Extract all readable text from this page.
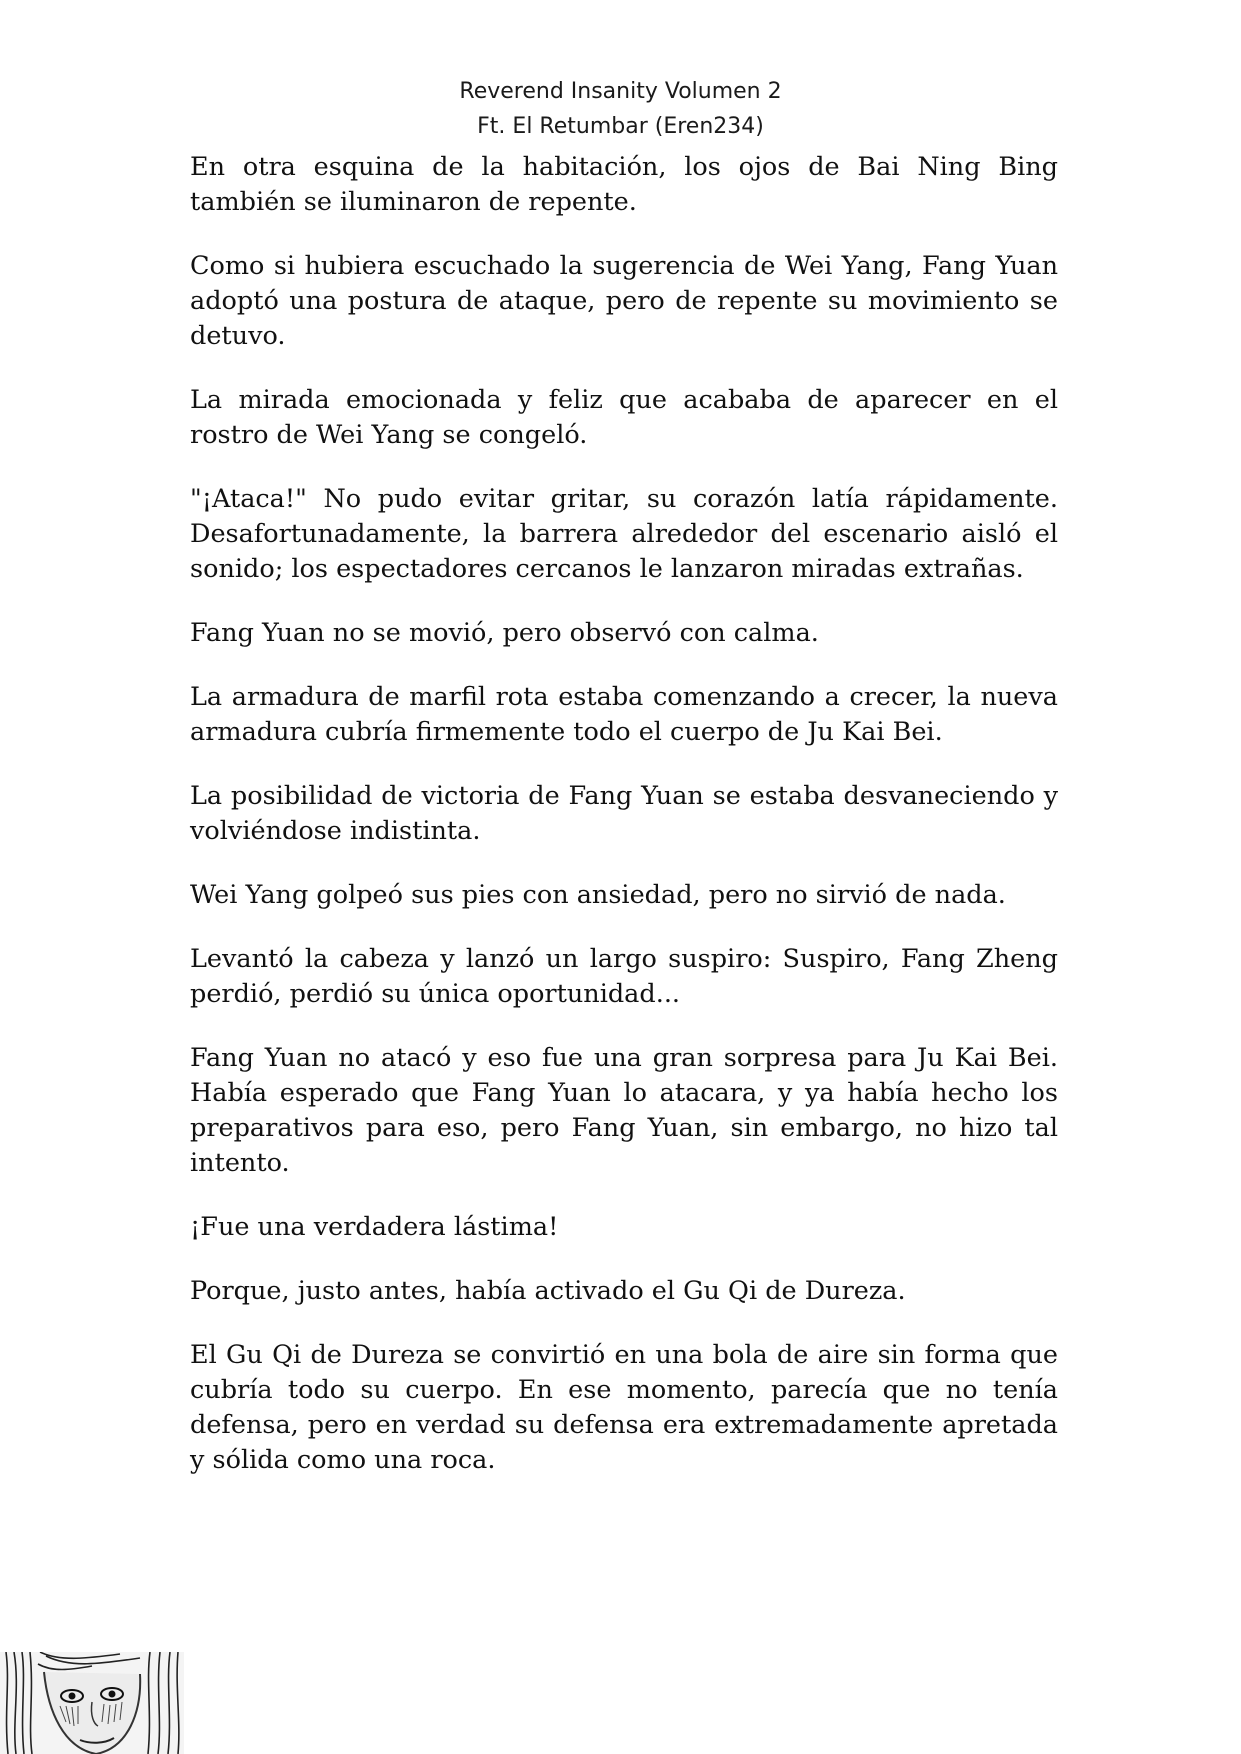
Reverend Insanity Volumen 2
Ft. El Retumbar (Eren234)

En otra esquina de la habitación, los ojos de Bai Ning Bing también se iluminaron de repente.

Como si hubiera escuchado la sugerencia de Wei Yang, Fang Yuan adoptó una postura de ataque, pero de repente su movimiento se detuvo.

La mirada emocionada y feliz que acababa de aparecer en el rostro de Wei Yang se congeló.

"¡Ataca!" No pudo evitar gritar, su corazón latía rápidamente. Desafortunadamente, la barrera alrededor del escenario aisló el sonido; los espectadores cercanos le lanzaron miradas extrañas.

Fang Yuan no se movió, pero observó con calma.

La armadura de marfil rota estaba comenzando a crecer, la nueva armadura cubría firmemente todo el cuerpo de Ju Kai Bei.

La posibilidad de victoria de Fang Yuan se estaba desvaneciendo y volviéndose indistinta.

Wei Yang golpeó sus pies con ansiedad, pero no sirvió de nada.

Levantó la cabeza y lanzó un largo suspiro: Suspiro, Fang Zheng perdió, perdió su única oportunidad...

Fang Yuan no atacó y eso fue una gran sorpresa para Ju Kai Bei. Había esperado que Fang Yuan lo atacara, y ya había hecho los preparativos para eso, pero Fang Yuan, sin embargo, no hizo tal intento.

¡Fue una verdadera lástima!

Porque, justo antes, había activado el Gu Qi de Dureza.

El Gu Qi de Dureza se convirtió en una bola de aire sin forma que cubría todo su cuerpo. En ese momento, parecía que no tenía defensa, pero en verdad su defensa era extremadamente apretada y sólida como una roca.
